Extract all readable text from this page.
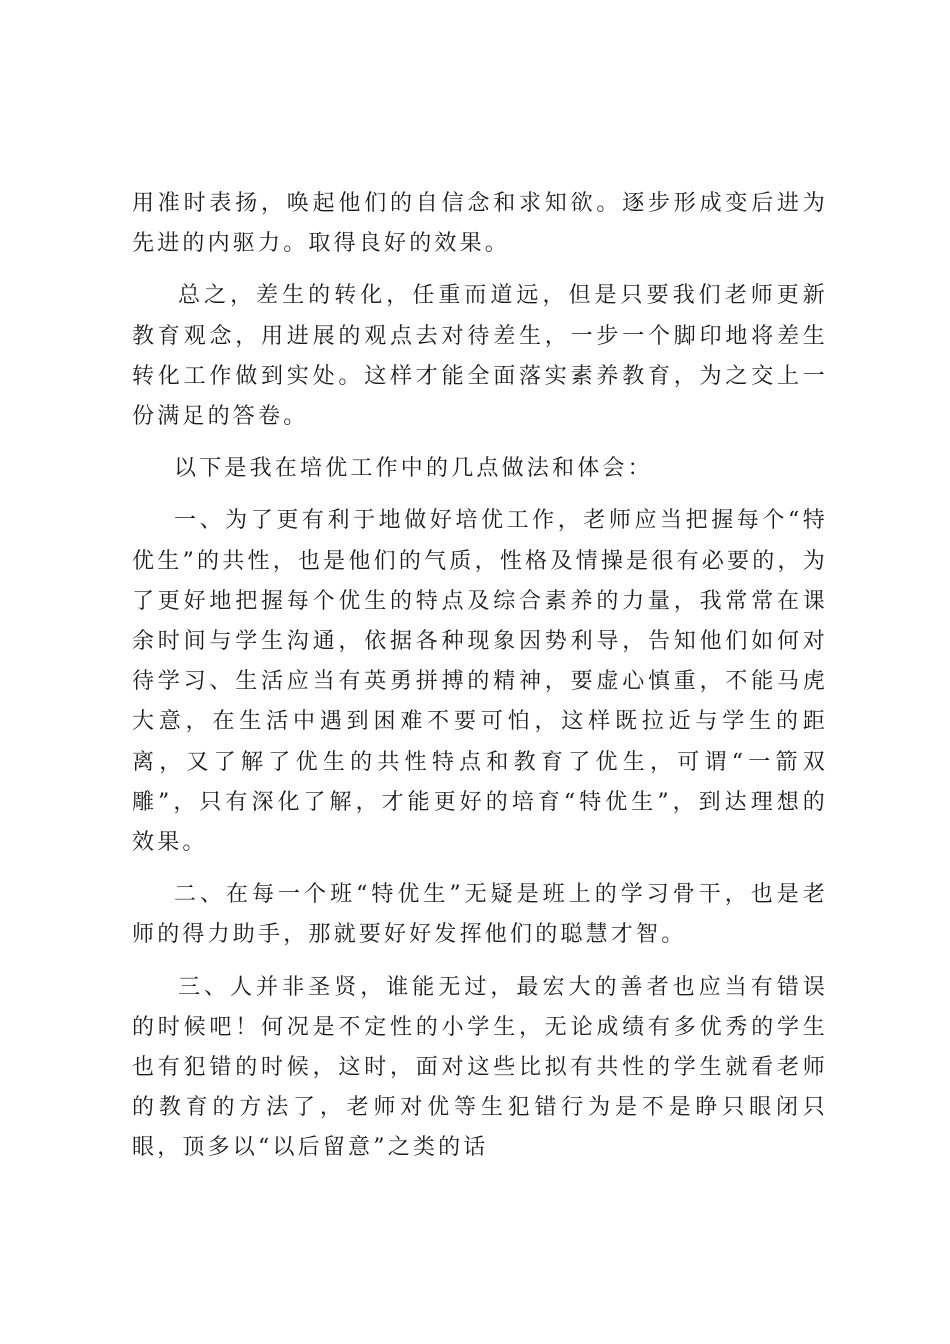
用准时表扬，唤起他们的自信念和求知欲。逐步形成变后进为先进的内驱力。取得良好的效果。

总之，差生的转化，任重而道远，但是只要我们老师更新教育观念，用进展的观点去对待差生，一步一个脚印地将差生转化工作做到实处。这样才能全面落实素养教育，为之交上一份满足的答卷。

以下是我在培优工作中的几点做法和体会：

一、为了更有利于地做好培优工作，老师应当把握每个“特优生”的共性，也是他们的气质，性格及情操是很有必要的，为了更好地把握每个优生的特点及综合素养的力量，我常常在课余时间与学生沟通，依据各种现象因势利导，告知他们如何对待学习、生活应当有英勇拼搏的精神，要虚心慎重，不能马虎大意，在生活中遇到困难不要可怕，这样既拉近与学生的距离，又了解了优生的共性特点和教育了优生，可谓“一箭双雕”，只有深化了解，才能更好的培育“特优生”，到达理想的效果。

二、在每一个班“特优生”无疑是班上的学习骨干，也是老师的得力助手，那就要好好发挥他们的聪慧才智。

三、人并非圣贤，谁能无过，最宏大的善者也应当有错误的时候吧！何况是不定性的小学生，无论成绩有多优秀的学生也有犯错的时候，这时，面对这些比拟有共性的学生就看老师的教育的方法了，老师对优等生犯错行为是不是睁只眼闭只眼，顶多以“以后留意”之类的话
